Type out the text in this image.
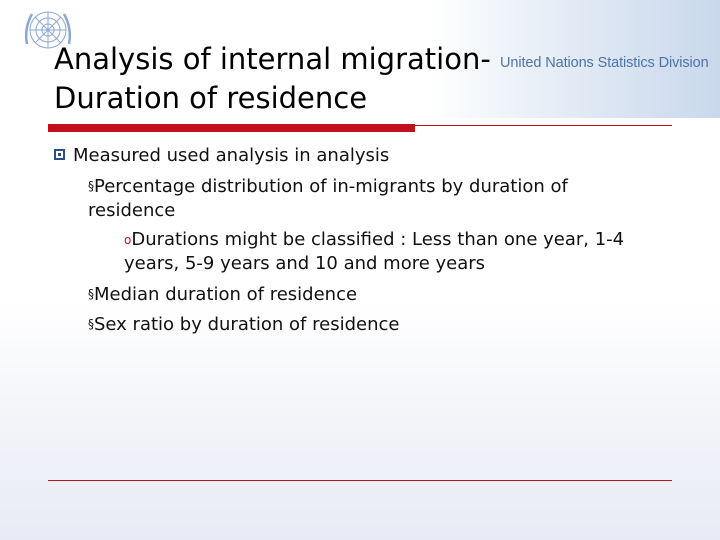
United Nations Statistics Division
Analysis of internal migration-
Duration of residence
Measured used analysis in analysis
§Percentage distribution of in-migrants by duration of residence
oDurations might be classified : Less than one year, 1-4 years, 5-9 years and 10 and more years
§Median duration of residence
§Sex ratio by duration of residence
